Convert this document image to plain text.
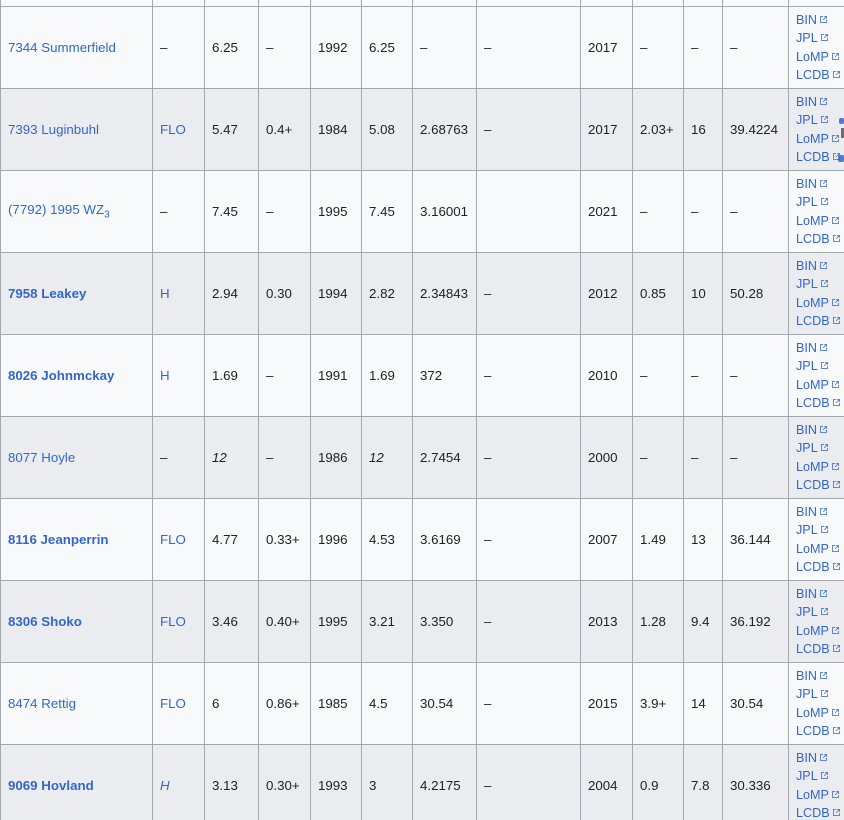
7344 Summerfield	–	6.25	–	1992	6.25	–	–	2017	–	–	–	BIN
JPL
LoMP
LCDB

7393 Luginbuhl	FLO	5.47	0.4+	1984	5.08	2.68763	–	2017	2.03+	16	39.4224	BIN
JPL
LoMP
LCDB

(7792) 1995 $WZ_3$	–	7.45	–	1995	7.45	3.16001		2021	–	–	–	BIN
JPL
LoMP
LCDB

7958 Leakey	H	2.94	0.30	1994	2.82	2.34843	–	2012	0.85	10	50.28	BIN
JPL
LoMP
LCDB

8026 Johnmckay	H	1.69	–	1991	1.69	372	–	2010	–	–	–	BIN
JPL
LoMP
LCDB

8077 Hoyle	–	12	–	1986	12	2.7454	–	2000	–	–	–	BIN
JPL
LoMP
LCDB

8116 Jeanperrin	FLO	4.77	0.33+	1996	4.53	3.6169	–	2007	1.49	13	36.144	BIN
JPL
LoMP
LCDB

8306 Shoko	FLO	3.46	0.40+	1995	3.21	3.350	–	2013	1.28	9.4	36.192	BIN
JPL
LoMP
LCDB

8474 Rettig	FLO	6	0.86+	1985	4.5	30.54	–	2015	3.9+	14	30.54	BIN
JPL
LoMP
LCDB

9069 Hovland	H	3.13	0.30+	1993	3	4.2175	–	2004	0.9	7.8	30.336	BIN
JPL
LoMP
LCDB
